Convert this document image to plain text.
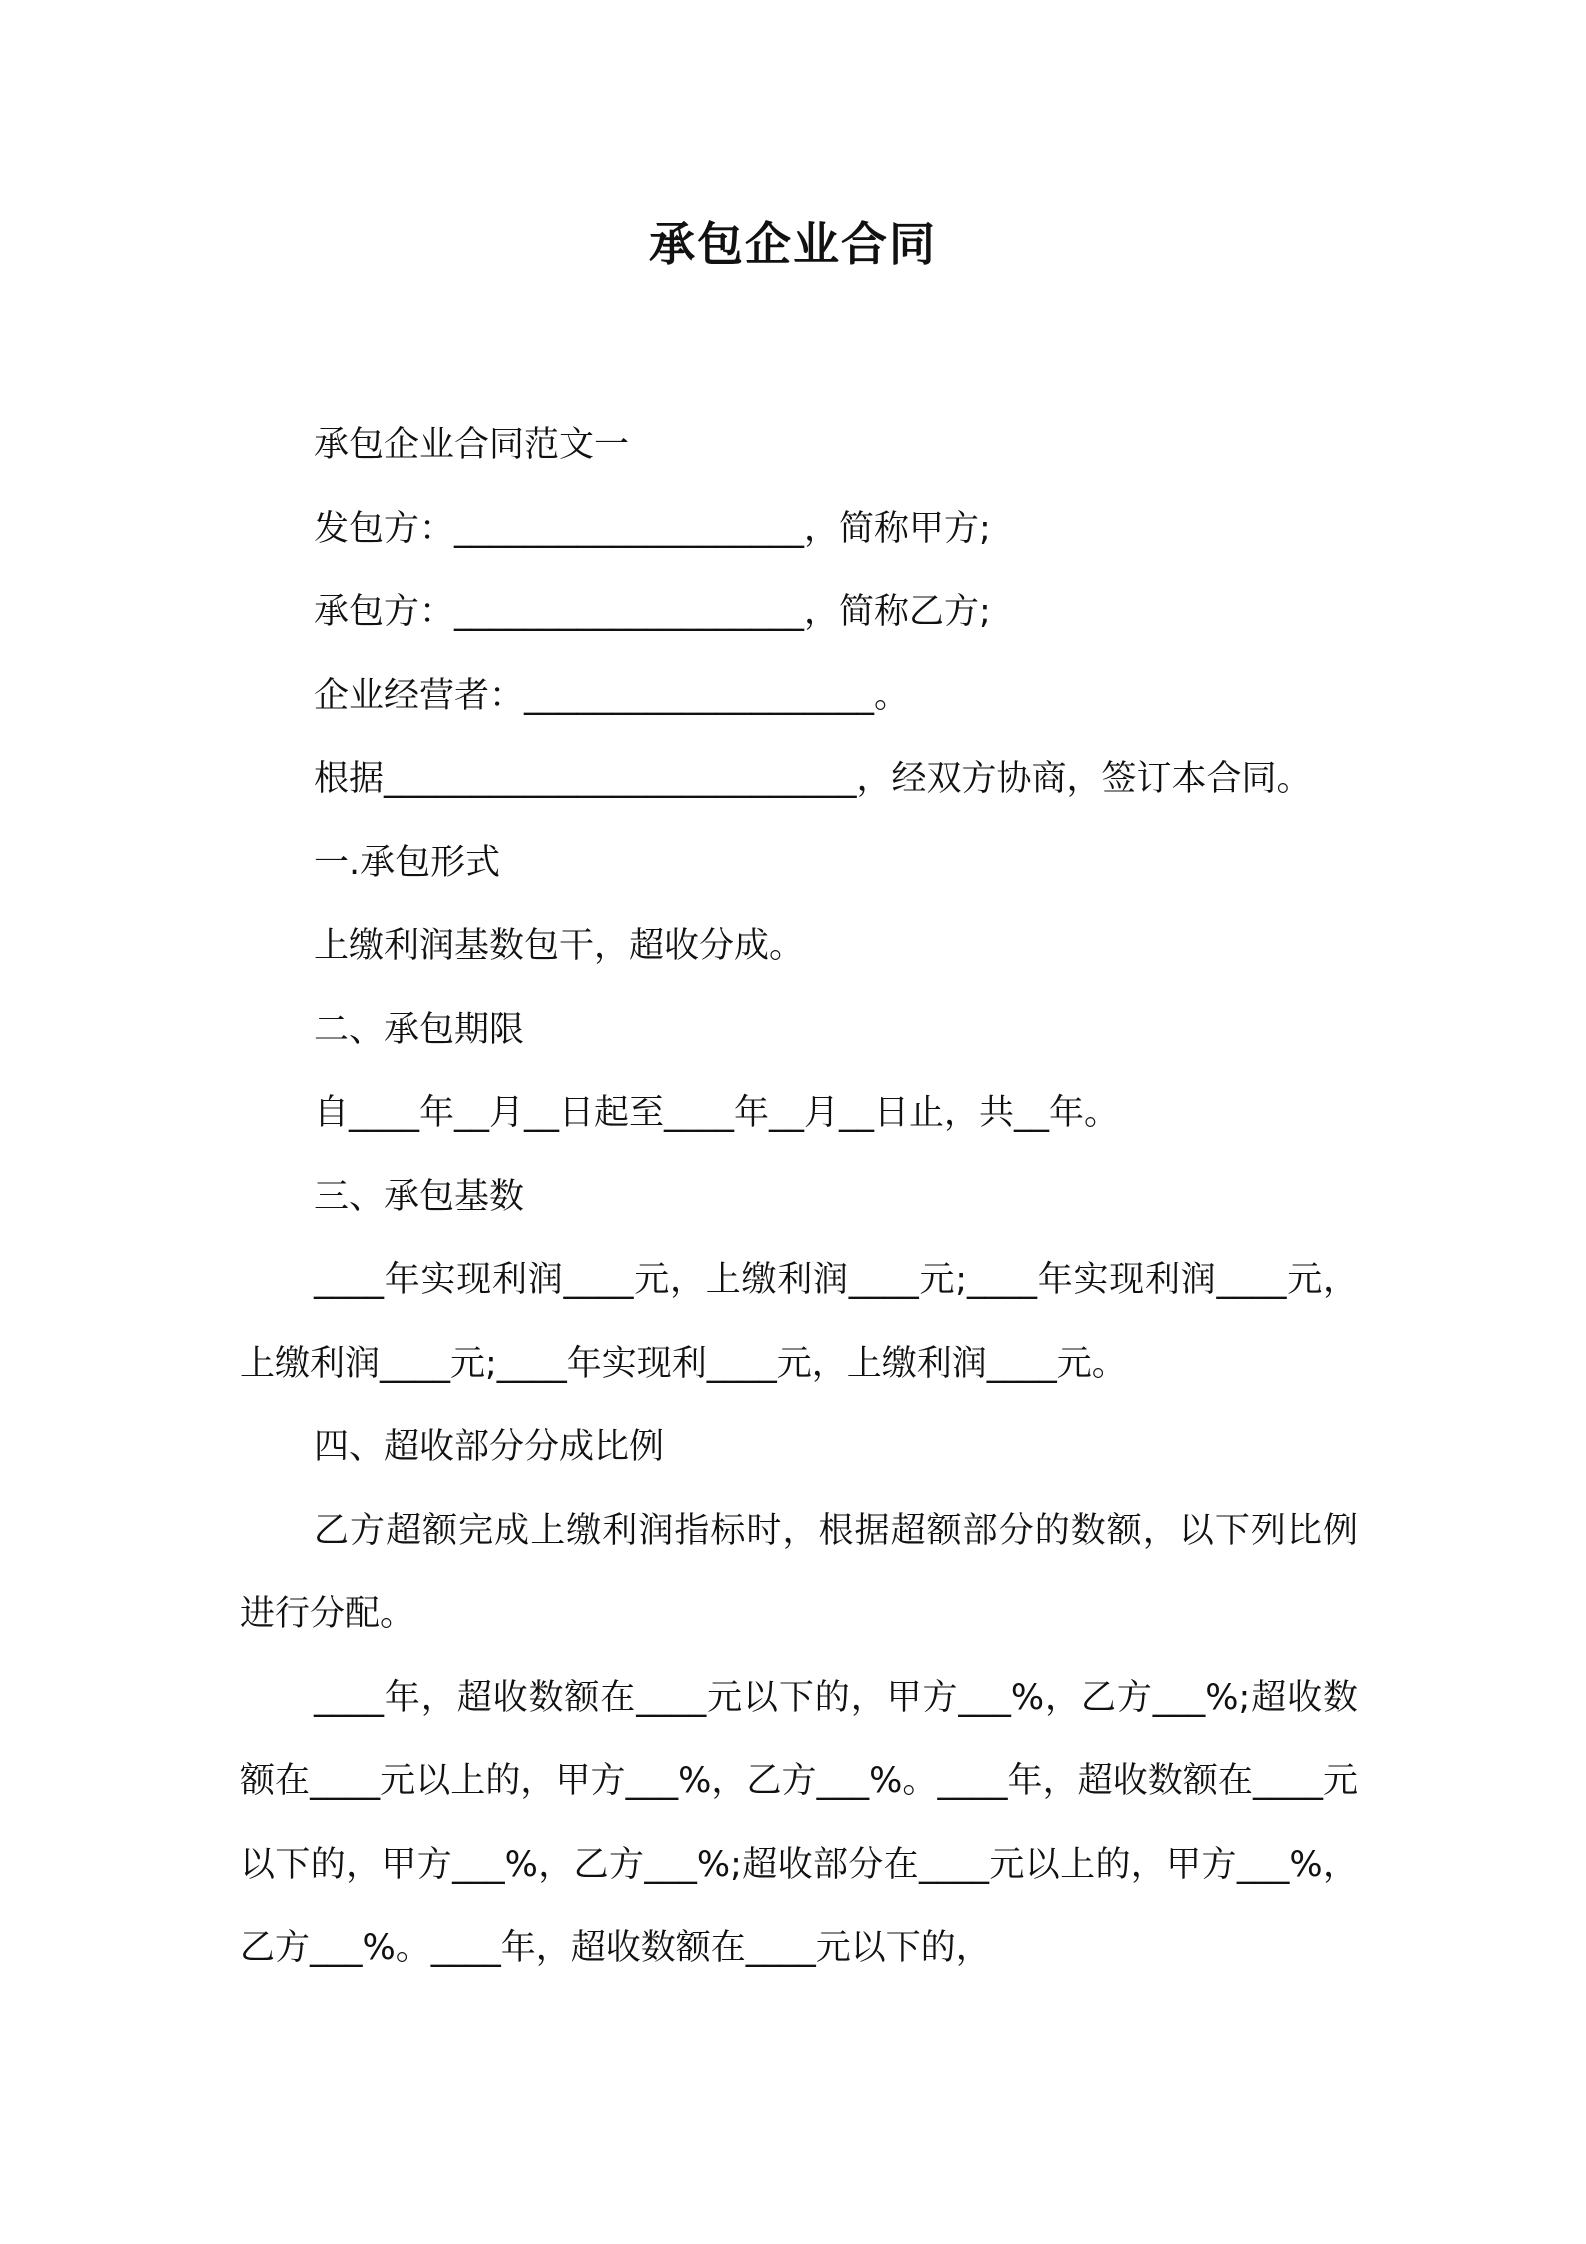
承包企业合同

承包企业合同范文一

发包方：____________________，简称甲方;

承包方：____________________，简称乙方;

企业经营者：____________________。

根据___________________________，经双方协商，签订本合同。

一.承包形式

上缴利润基数包干，超收分成。

二、承包期限

自____年__月__日起至____年__月__日止，共__年。

三、承包基数

____年实现利润____元，上缴利润____元;____年实现利润____元，上缴利润____元;____年实现利____元，上缴利润____元。

四、超收部分分成比例

乙方超额完成上缴利润指标时，根据超额部分的数额，以下列比例进行分配。

____年，超收数额在____元以下的，甲方___%，乙方___%;超收数额在____元以上的，甲方___%，乙方___%。____年，超收数额在____元以下的，甲方___%，乙方___%;超收部分在____元以上的，甲方___%，乙方___%。____年，超收数额在____元以下的，
